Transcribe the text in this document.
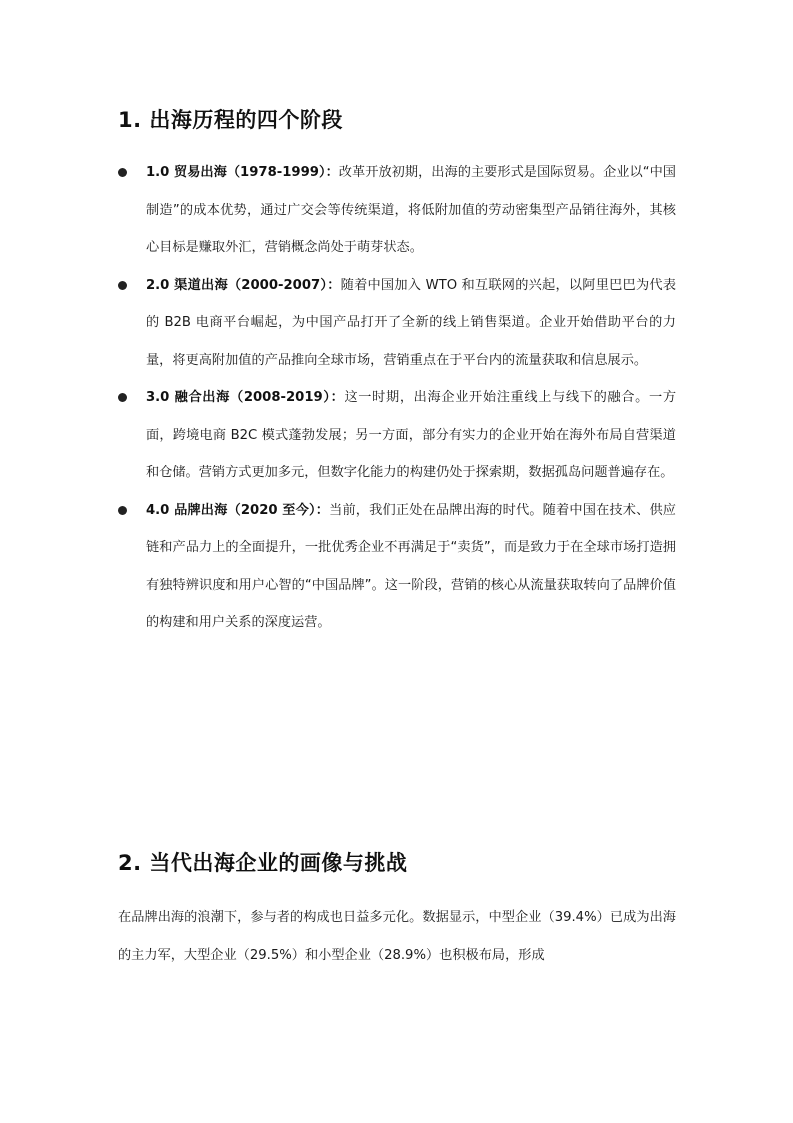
1. 出海历程的四个阶段
1.0 贸易出海（1978-1999）：改革开放初期，出海的主要形式是国际贸易。企业以“中国制造”的成本优势，通过广交会等传统渠道，将低附加值的劳动密集型产品销往海外，其核心目标是赚取外汇，营销概念尚处于萌芽状态。
2.0 渠道出海（2000-2007）：随着中国加入 WTO 和互联网的兴起，以阿里巴巴为代表的 B2B 电商平台崛起，为中国产品打开了全新的线上销售渠道。企业开始借助平台的力量，将更高附加值的产品推向全球市场，营销重点在于平台内的流量获取和信息展示。
3.0 融合出海（2008-2019）：这一时期，出海企业开始注重线上与线下的融合。一方面，跨境电商 B2C 模式蓬勃发展；另一方面，部分有实力的企业开始在海外布局自营渠道和仓储。营销方式更加多元，但数字化能力的构建仍处于探索期，数据孤岛问题普遍存在。
4.0 品牌出海（2020 至今）：当前，我们正处在品牌出海的时代。随着中国在技术、供应链和产品力上的全面提升，一批优秀企业不再满足于“卖货”，而是致力于在全球市场打造拥有独特辨识度和用户心智的“中国品牌”。这一阶段，营销的核心从流量获取转向了品牌价值的构建和用户关系的深度运营。
2. 当代出海企业的画像与挑战

在品牌出海的浪潮下，参与者的构成也日益多元化。数据显示，中型企业（39.4%）已成为出海的主力军，大型企业（29.5%）和小型企业（28.9%）也积极布局，形成
